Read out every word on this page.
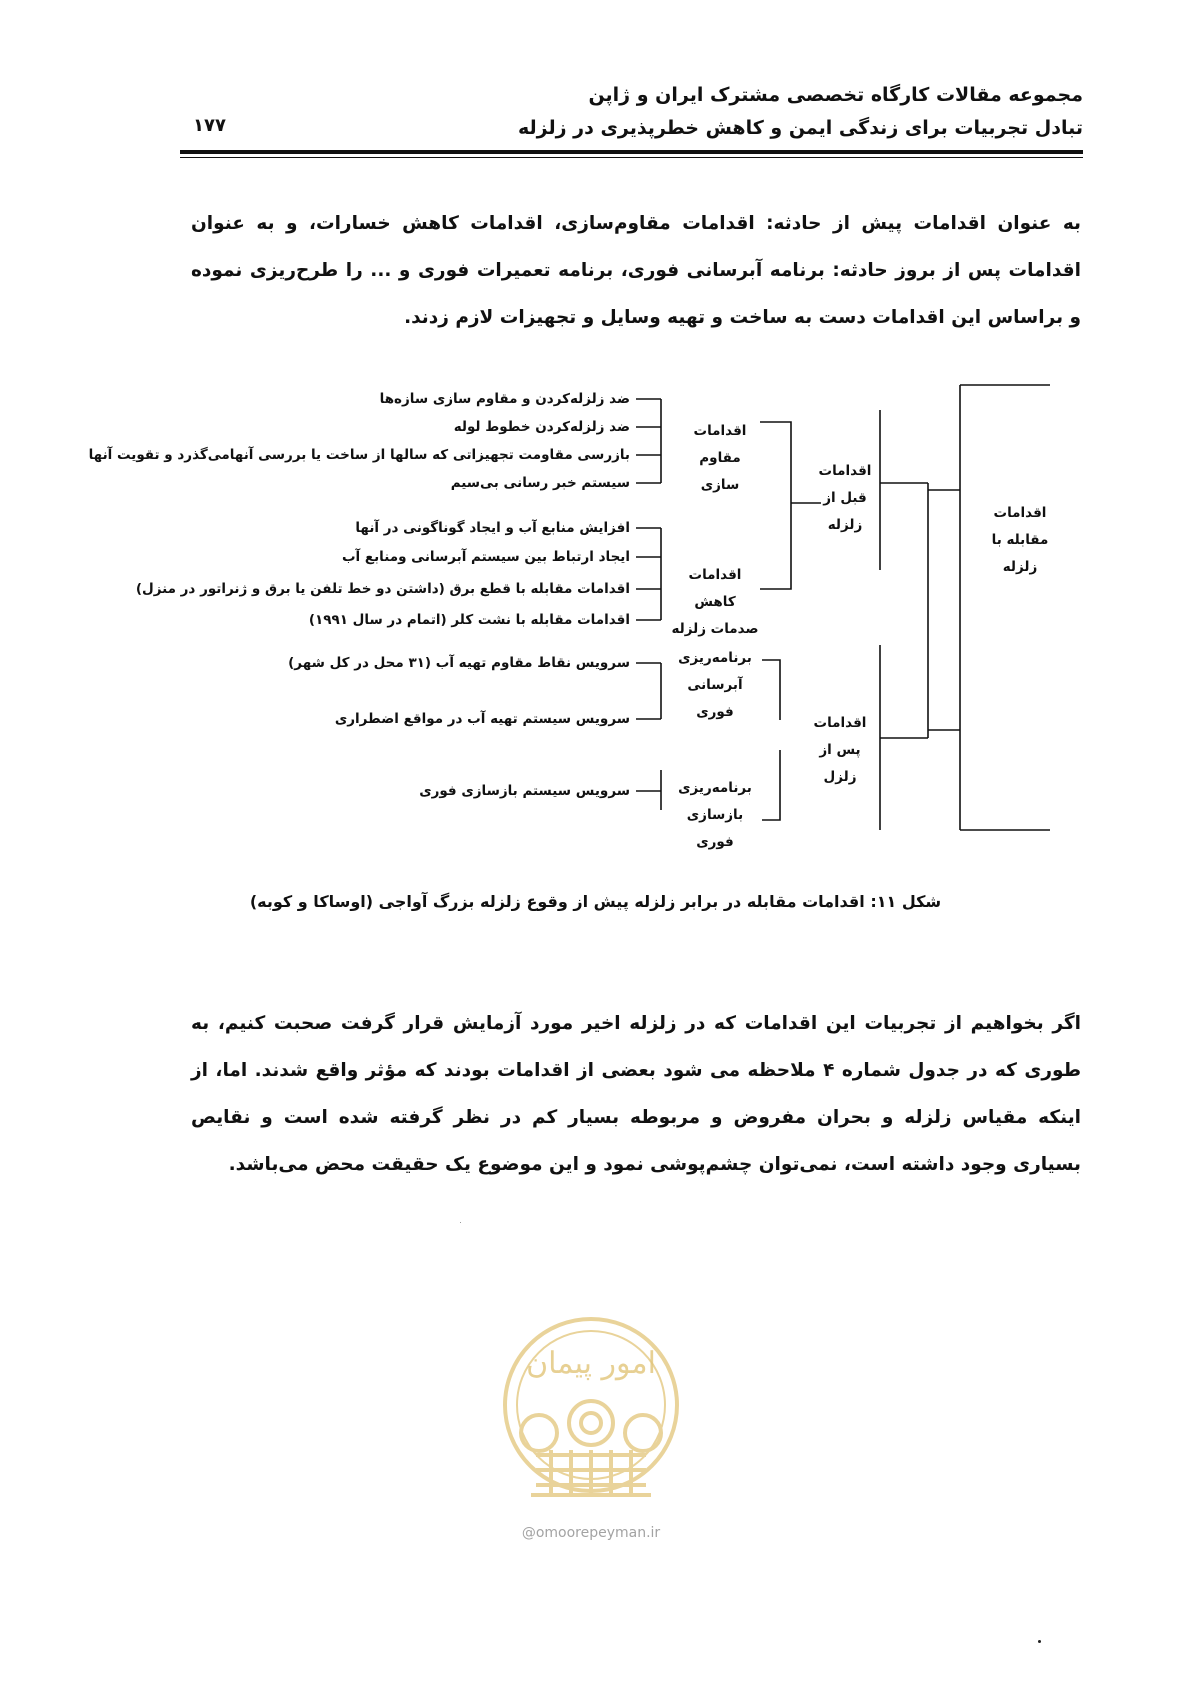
مجموعه مقالات کارگاه تخصصی مشترک ایران و ژاپن
تبادل تجربیات برای زندگی ایمن و کاهش خطرپذیری در زلزله
۱۷۷
به عنوان اقدامات پیش از حادثه: اقدامات مقاوم‌سازی، اقدامات کاهش خسارات، و به عنوان اقدامات پس از بروز حادثه: برنامه آبرسانی فوری، برنامه تعمیرات فوری و ... را طرح‌ریزی نموده و براساس این اقدامات دست به ساخت و تهیه وسایل و تجهیزات لازم زدند.
ضد زلزله‌کردن و مقاوم سازی سازه‌ها
ضد زلزله‌کردن خطوط لوله
بازرسی مقاومت تجهیزاتی که سالها از ساخت یا بررسی آنهامی‌گذرد و تقویت آنها
سیستم خبر رسانی بی‌سیم
افزایش منابع آب و ایجاد گوناگونی در آنها
ایجاد ارتباط بین سیستم آبرسانی ومنابع آب
اقدامات مقابله با قطع برق (داشتن دو خط تلفن یا برق و ژنراتور در منزل)
اقدامات مقابله با نشت کلر (اتمام در سال ۱۹۹۱)
سرویس نقاط مقاوم تهیه آب (۳۱ محل در کل شهر)
سرویس سیستم تهیه آب در مواقع اضطراری
سرویس سیستم بازسازی فوری
اقدامات مقاوم سازی
اقدامات کاهش صدمات زلزله
برنامه‌ریزی آبرسانی فوری
برنامه‌ریزی بازسازی فوری
اقدامات قبل از زلزله
اقدامات پس از زلزل
اقدامات مقابله با زلزله
شکل ۱۱: اقدامات مقابله در برابر زلزله پیش از وقوع زلزله بزرگ آواجی (اوساکا و کوبه)
اگر بخواهیم از تجربیات این اقدامات که در زلزله اخیر مورد آزمایش قرار گرفت صحبت کنیم، به طوری که در جدول شماره ۴ ملاحظه می شود بعضی از اقدامات بودند که مؤثر واقع شدند. اما، از اینکه مقیاس زلزله و بحران مفروض و مربوطه بسیار کم در نظر گرفته شده است و نقایص بسیاری وجود داشته است، نمی‌توان چشم‌پوشی نمود و این موضوع یک حقیقت محض می‌باشد.
امور پیمان
@omoorepeyman.ir
